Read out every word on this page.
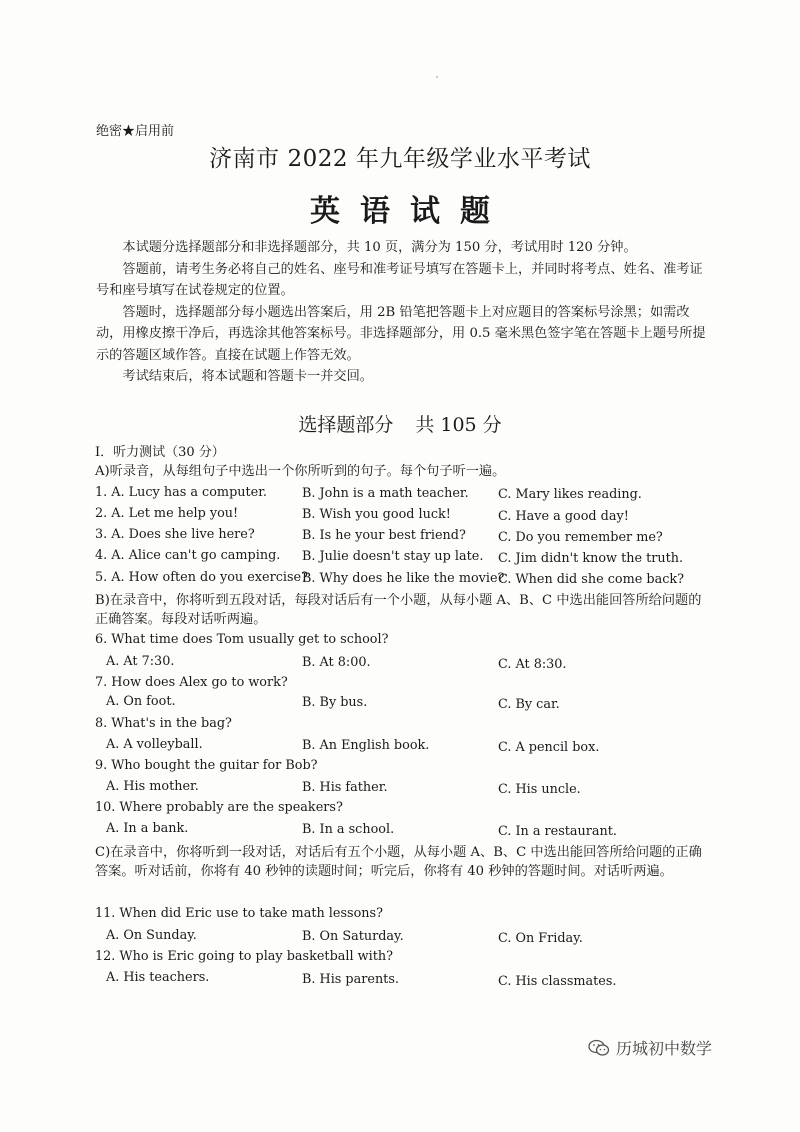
绝密★启用前
济南市 2022 年九年级学业水平考试
英语试题

本试题分选择题部分和非选择题部分，共 10 页，满分为 150 分，考试用时 120 分钟。

答题前，请考生务必将自己的姓名、座号和准考证号填写在答题卡上，并同时将考点、姓名、准考证号和座号填写在试卷规定的位置。

答题时，选择题部分每小题选出答案后，用 2B 铅笔把答题卡上对应题目的答案标号涂黑；如需改动，用橡皮擦干净后，再选涂其他答案标号。非选择题部分，用 0.5 毫米黑色签字笔在答题卡上题号所提示的答题区域作答。直接在试题上作答无效。

考试结束后，将本试题和答题卡一并交回。

选择题部分 共 105 分
I．听力测试（30 分）
A)听录音，从每组句子中选出一个你所听到的句子。每个句子听一遍。
1. A. Lucy has a computer.	B. John is a math teacher. C. Mary likes reading.
2. A. Let me help you!	B. Wish you good luck!	C. Have a good day!
3. A. Does she live here?	B. Is he your best friend?	C. Do you remember me?
4. A. Alice can't go camping. B. Julie doesn't stay up late. C. Jim didn't know the truth.
5. A. How often do you exercise?
B. Why does he like the movie?
C. When did she come back?
B)在录音中，你将听到五段对话，每段对话后有一个小题，从每小题 A、B、C 中选出能回答所给问题的正确答案。每段对话听两遍。
6. What time does Tom usually get to school?
A. At 7:30.	B. At 8:00.	C. At 8:30.
7. How does Alex go to work?
A. On foot.	B. By bus.	C. By car.
8. What's in the bag?
A. A volleyball.	B. An English book.	C. A pencil box.
9. Who bought the guitar for Bob?
A. His mother.	B. His father.	C. His uncle.
10. Where probably are the speakers?
A. In a bank.	B. In a school.	C. In a restaurant.
C)在录音中，你将听到一段对话，对话后有五个小题，从每小题 A、B、C 中选出能回答所给问题的正确答案。听对话前，你将有 40 秒钟的读题时间；听完后，你将有 40 秒钟的答题时间。对话听两遍。
11. When did Eric use to take math lessons?
A. On Sunday.	B. On Saturday.	C. On Friday.
12. Who is Eric going to play basketball with?
A. His teachers.	B. His parents.	C. His classmates.
历城初中数学
